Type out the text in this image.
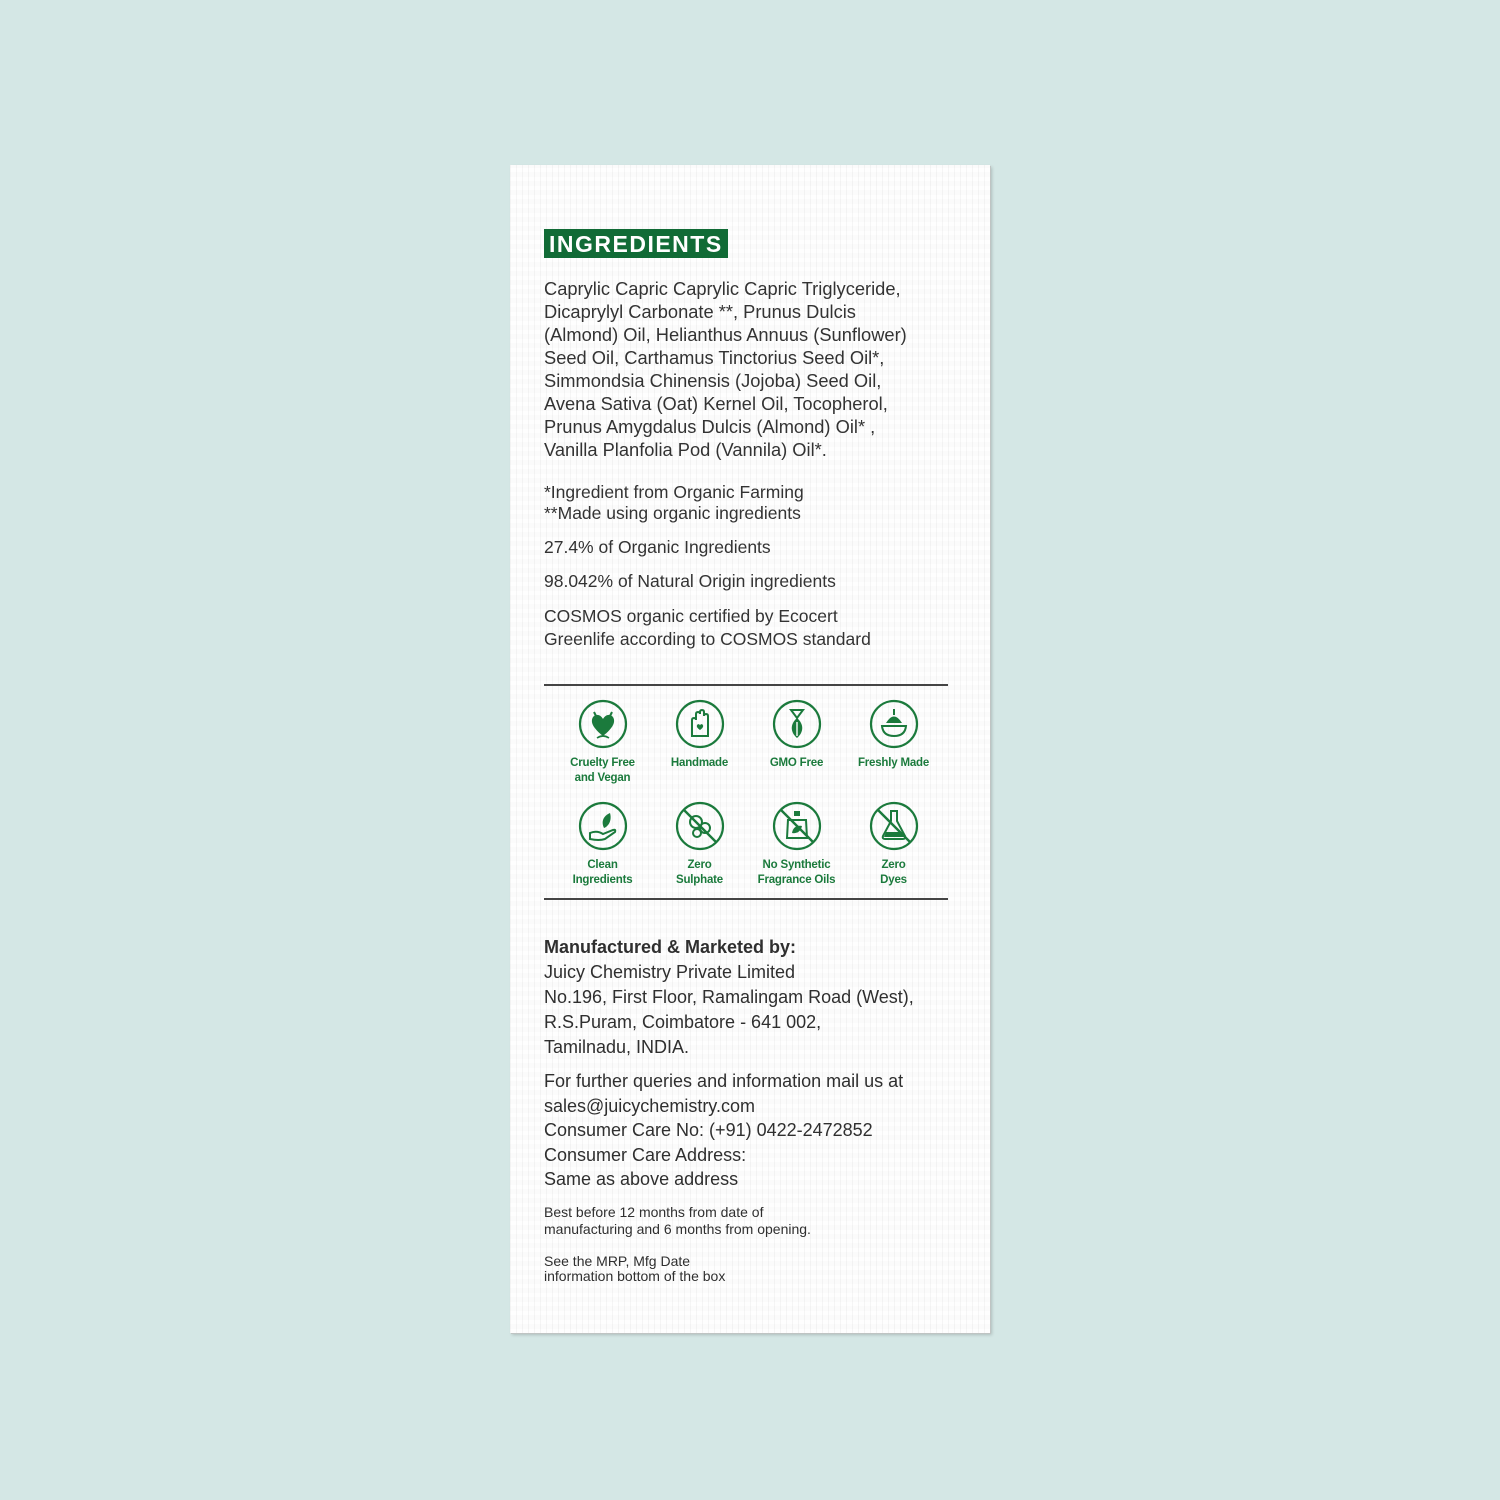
INGREDIENTS
Caprylic Capric Caprylic Capric Triglyceride,
Dicaprylyl Carbonate **, Prunus Dulcis
(Almond) Oil, Helianthus Annuus (Sunflower)
Seed Oil, Carthamus Tinctorius Seed Oil*,
Simmondsia Chinensis (Jojoba) Seed Oil,
Avena Sativa (Oat) Kernel Oil, Tocopherol,
Prunus Amygdalus Dulcis (Almond) Oil* ,
Vanilla Planfolia Pod (Vannila) Oil*.
*Ingredient from Organic Farming
**Made using organic ingredients
27.4% of Organic Ingredients
98.042% of Natural Origin ingredients
COSMOS organic certified by Ecocert
Greenlife according to COSMOS standard
Cruelty Free
and Vegan
Handmade	GMO Free	Freshly Made
Clean
Ingredients
Zero
Sulphate
No Synthetic
Fragrance Oils
Zero
Dyes
Manufactured & Marketed by:
Juicy Chemistry Private Limited
No.196, First Floor, Ramalingam Road (West),
R.S.Puram, Coimbatore - 641 002,
Tamilnadu, INDIA.
For further queries and information mail us at
sales@juicychemistry.com
Consumer Care No: (+91) 0422-2472852
Consumer Care Address:
Same as above address
Best before 12 months from date of
manufacturing and 6 months from opening.
See the MRP, Mfg Date
information bottom of the box
